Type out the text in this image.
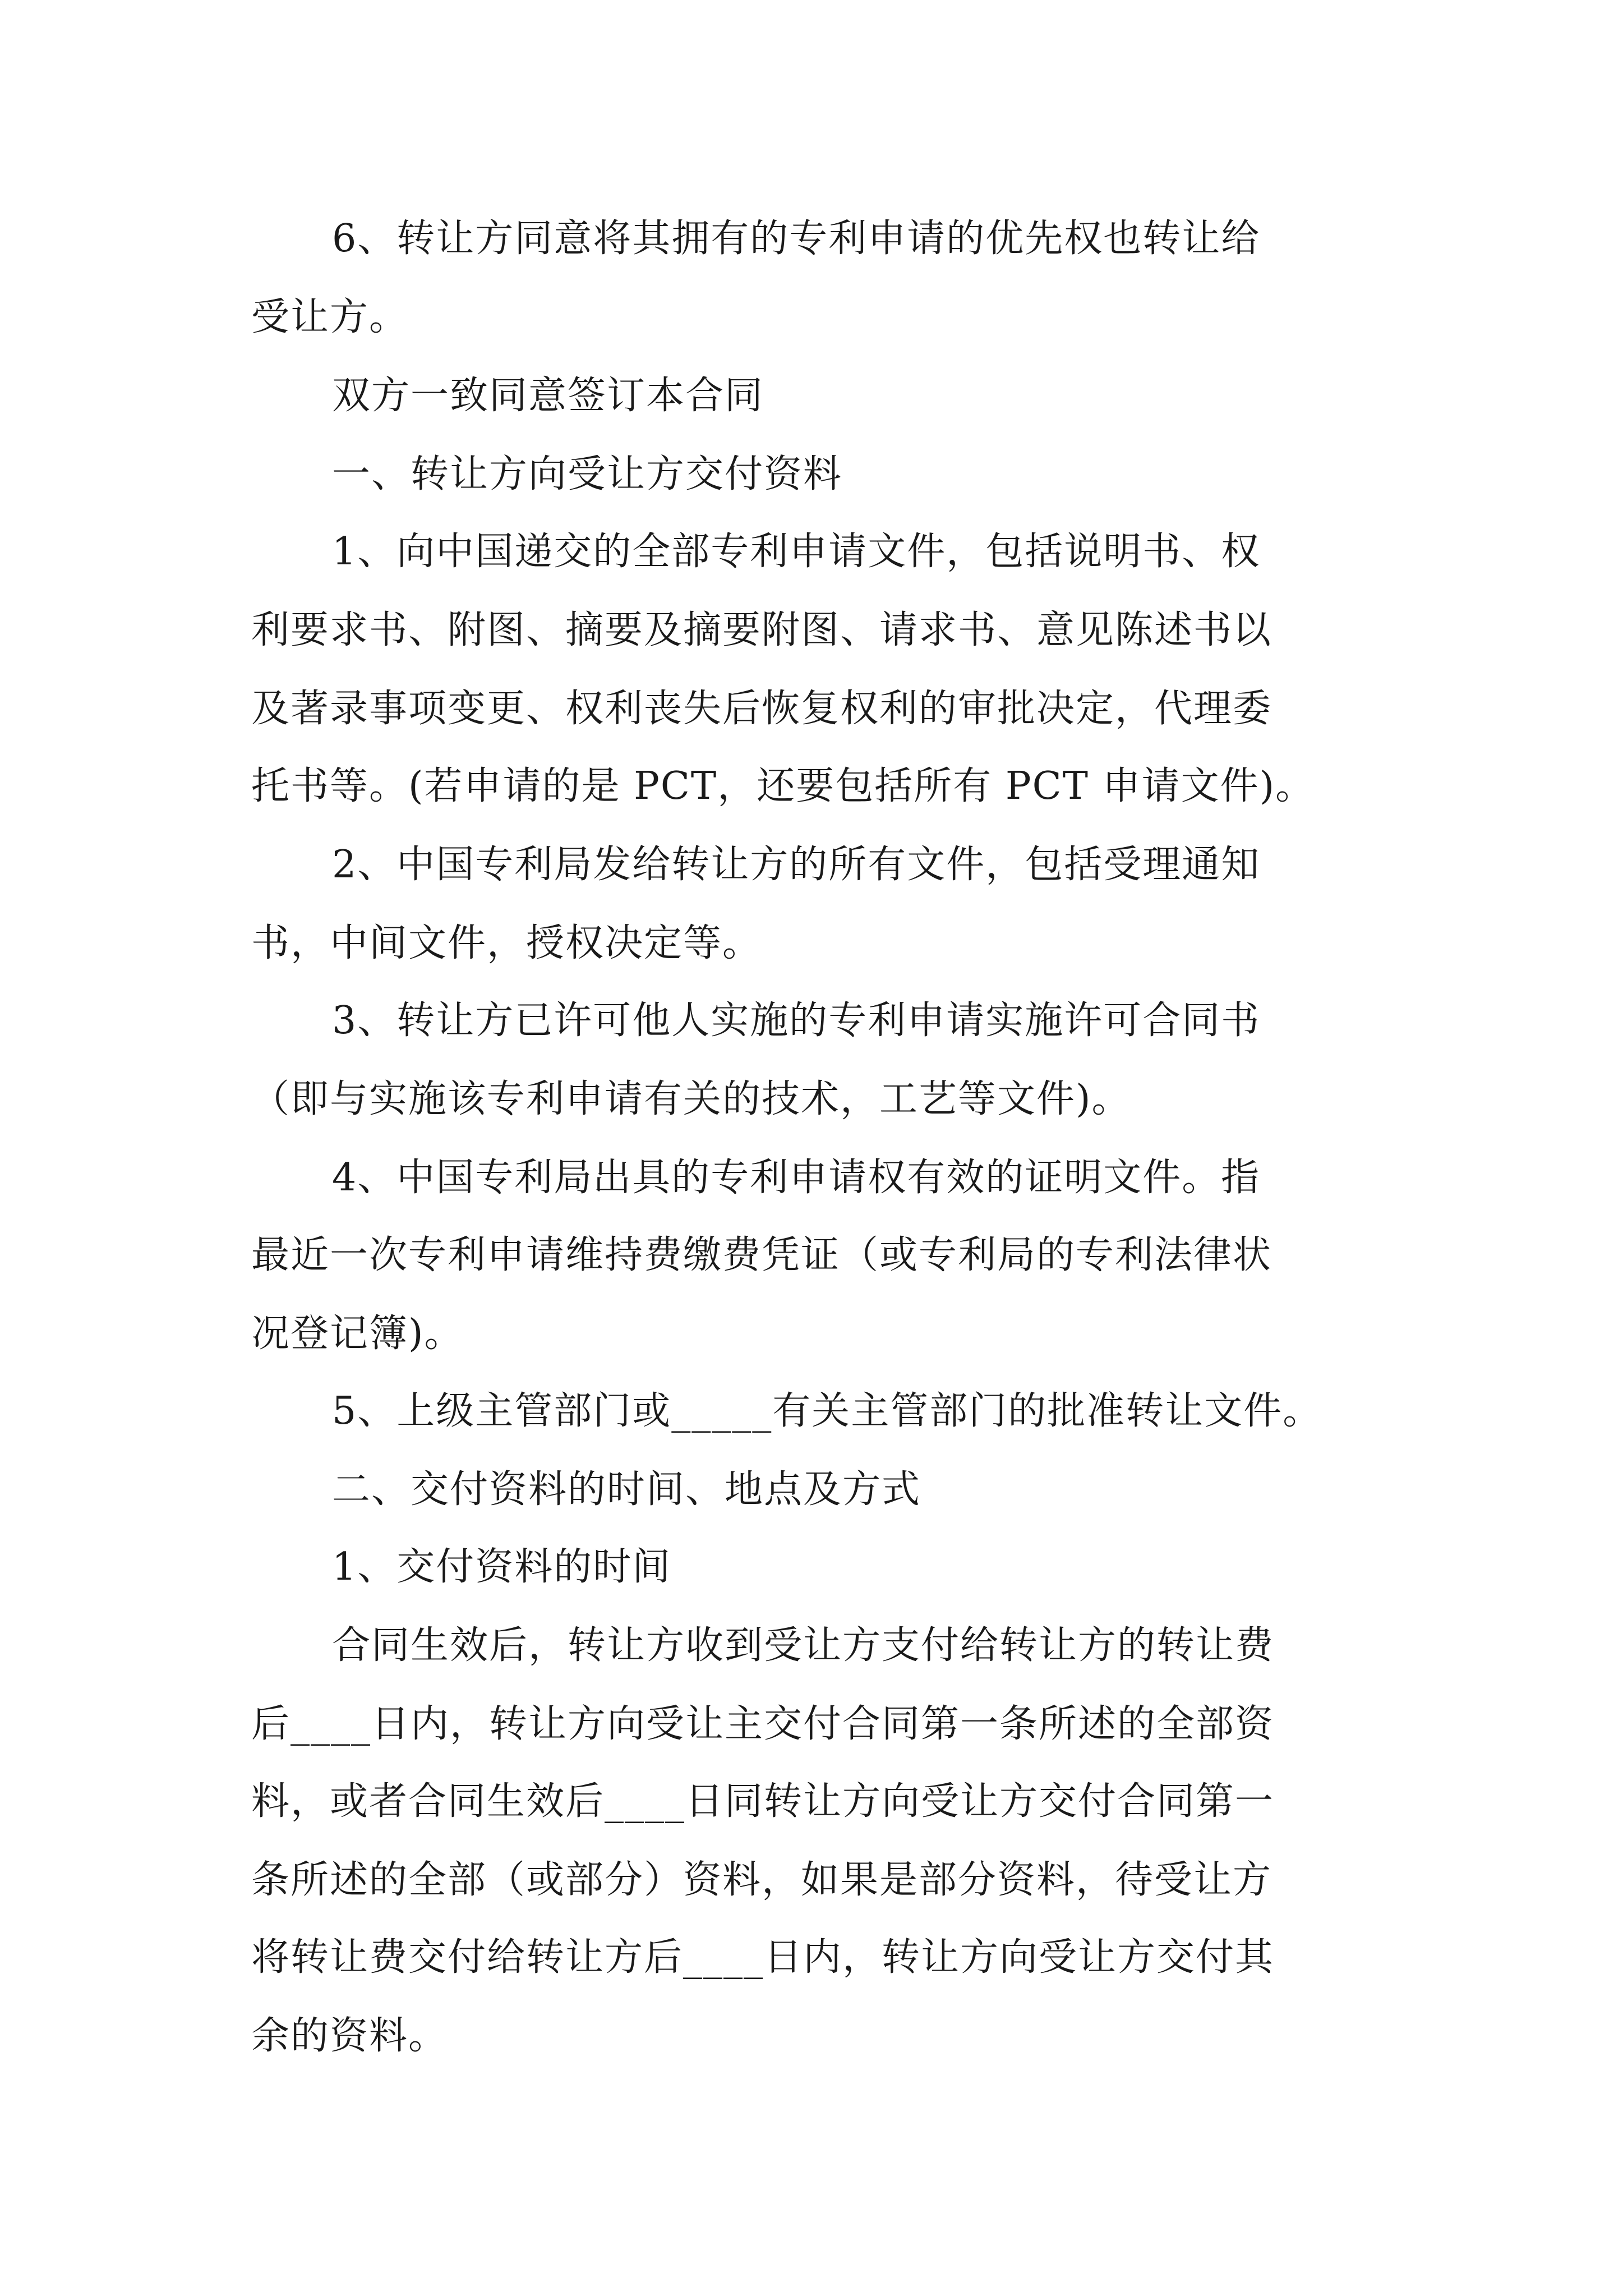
6、转让方同意将其拥有的专利申请的优先权也转让给
受让方。
双方一致同意签订本合同
一、转让方向受让方交付资料
1、向中国递交的全部专利申请文件，包括说明书、权
利要求书、附图、摘要及摘要附图、请求书、意见陈述书以
及著录事项变更、权利丧失后恢复权利的审批决定，代理委
托书等。(若申请的是 PCT，还要包括所有 PCT 申请文件)。
2、中国专利局发给转让方的所有文件，包括受理通知
书，中间文件，授权决定等。
3、转让方已许可他人实施的专利申请实施许可合同书
（即与实施该专利申请有关的技术，工艺等文件)。
4、中国专利局出具的专利申请权有效的证明文件。指
最近一次专利申请维持费缴费凭证（或专利局的专利法律状
况登记簿)。
5、上级主管部门或_____有关主管部门的批准转让文件。
二、交付资料的时间、地点及方式
1、交付资料的时间
合同生效后，转让方收到受让方支付给转让方的转让费
后____日内，转让方向受让主交付合同第一条所述的全部资
料，或者合同生效后____日同转让方向受让方交付合同第一
条所述的全部（或部分）资料，如果是部分资料，待受让方
将转让费交付给转让方后____日内，转让方向受让方交付其
余的资料。
